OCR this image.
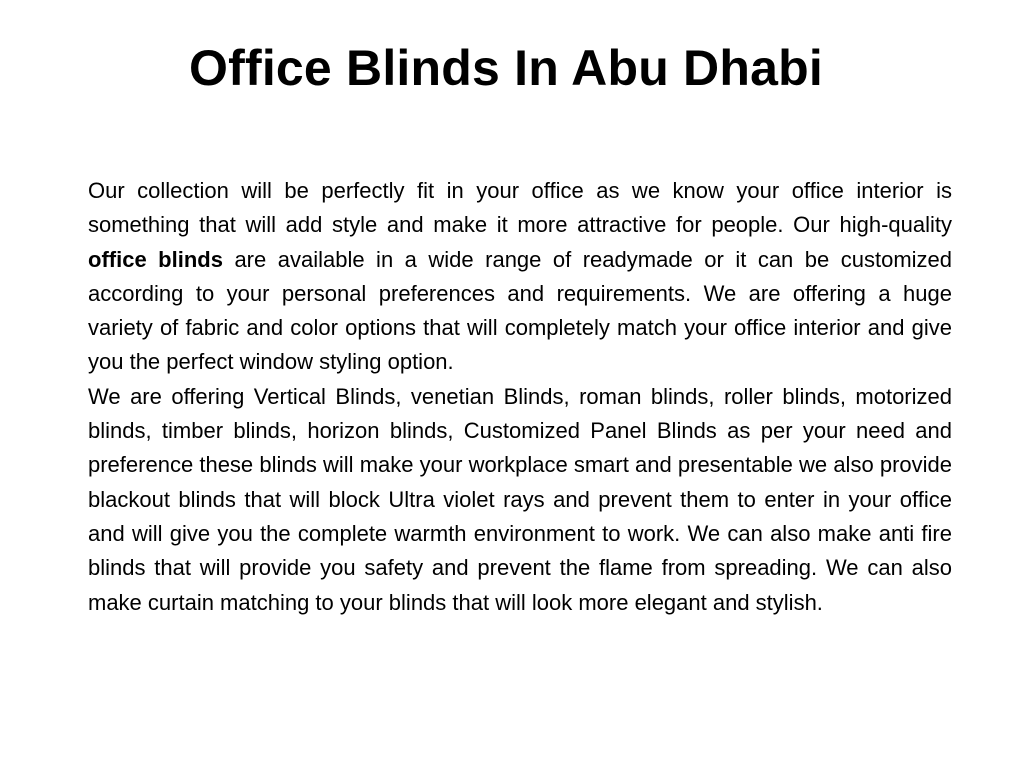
Office Blinds In Abu Dhabi

Our collection will be perfectly fit in your office as we know your office interior is something that will add style and make it more attractive for people. Our high-quality office blinds are available in a wide range of readymade or it can be customized according to your personal preferences and requirements. We are offering a huge variety of fabric and color options that will completely match your office interior and give you the perfect window styling option.

We are offering Vertical Blinds, venetian Blinds, roman blinds, roller blinds, motorized blinds, timber blinds, horizon blinds, Customized Panel Blinds as per your need and preference these blinds will make your workplace smart and presentable we also provide blackout blinds that will block Ultra violet rays and prevent them to enter in your office and will give you the complete warmth environment to work. We can also make anti fire blinds that will provide you safety and prevent the flame from spreading. We can also make curtain matching to your blinds that will look more elegant and stylish.
